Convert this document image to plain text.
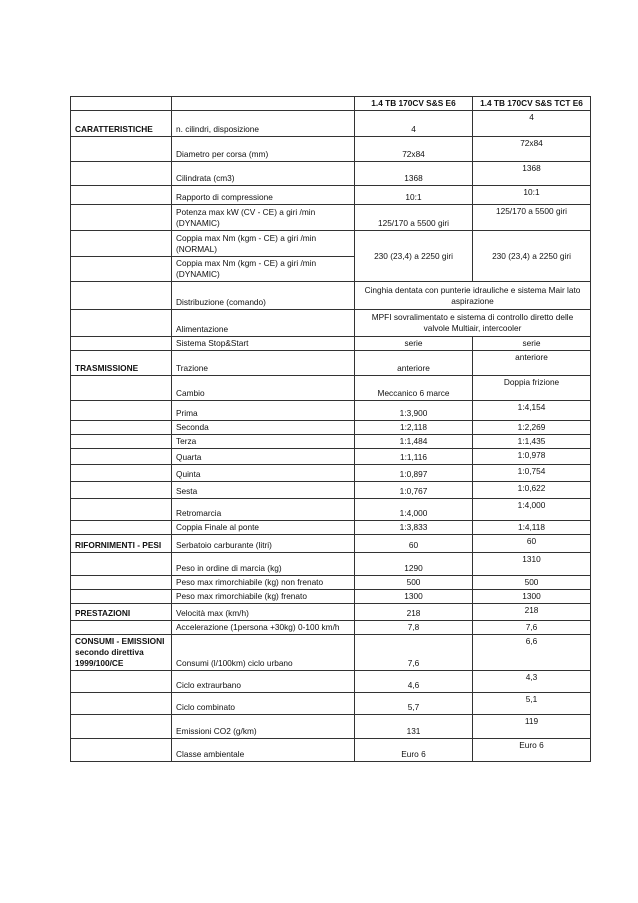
		1.4 TB 170CV S&S E6	1.4 TB 170CV S&S TCT E6
CARATTERISTICHE	n. cilindri, disposizione	4	4
	Diametro per corsa (mm)	72x84	72x84
	Cilindrata (cm3)	1368	1368
	Rapporto di compressione	10:1	10:1
	Potenza max kW (CV - CE) a giri /min (DYNAMIC)	125/170 a 5500 giri	125/170 a 5500 giri
	Coppia max Nm (kgm - CE) a giri /min (NORMAL)	230 (23,4) a 2250 giri	230 (23,4) a 2250 giri
	Coppia max Nm (kgm - CE) a giri /min (DYNAMIC)		
	Distribuzione (comando)	Cinghia dentata con punterie idrauliche e sistema Mair lato aspirazione	
	Alimentazione	MPFI sovralimentato e sistema di controllo diretto delle valvole Multiair, intercooler	
	Sistema Stop&Start	serie	serie
TRASMISSIONE	Trazione	anteriore	anteriore
	Cambio	Meccanico 6 marce	Doppia frizione
	Prima	1:3,900	1:4,154
	Seconda	1:2,118	1:2,269
	Terza	1:1,484	1:1,435
	Quarta	1:1,116	1:0,978
	Quinta	1:0,897	1:0,754
	Sesta	1:0,767	1:0,622
	Retromarcia	1:4,000	1:4,000
	Coppia Finale al ponte	1:3,833	1:4,118
RIFORNIMENTI - PESI	Serbatoio carburante (litri)	60	60
	Peso in ordine di marcia (kg)	1290	1310
	Peso max rimorchiabile (kg) non frenato	500	500
	Peso max rimorchiabile (kg) frenato	1300	1300
PRESTAZIONI	Velocità max (km/h)	218	218
	Accelerazione (1persona +30kg) 0-100 km/h	7,8	7,6
CONSUMI - EMISSIONI secondo direttiva 1999/100/CE	Consumi (l/100km) ciclo urbano	7,6	6,6
	Ciclo extraurbano	4,6	4,3
	Ciclo combinato	5,7	5,1
	Emissioni CO2 (g/km)	131	119
	Classe ambientale	Euro 6	Euro 6
